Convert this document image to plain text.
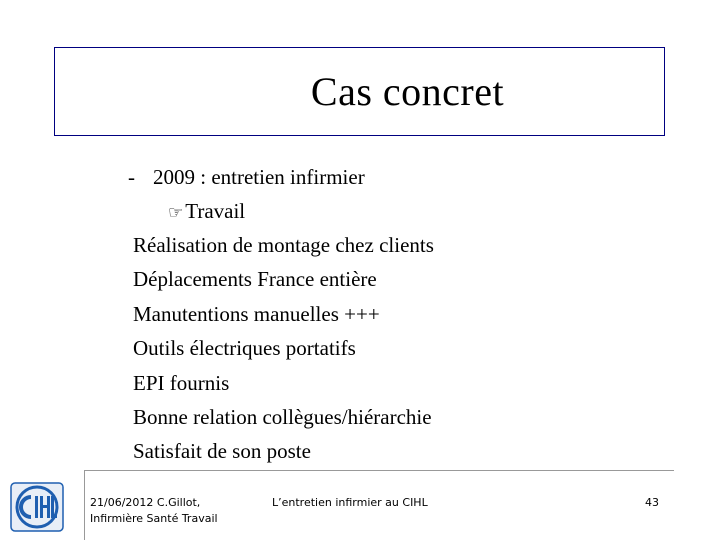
Cas concret
- 2009 : entretien infirmier
☞Travail
Réalisation de montage chez clients
Déplacements France entière
Manutentions manuelles +++
Outils électriques portatifs
EPI fournis
Bonne relation collègues/hiérarchie
Satisfait de son poste
21/06/2012 C.Gillot,
Infirmière Santé Travail
L’entretien infirmier au CIHL	43
